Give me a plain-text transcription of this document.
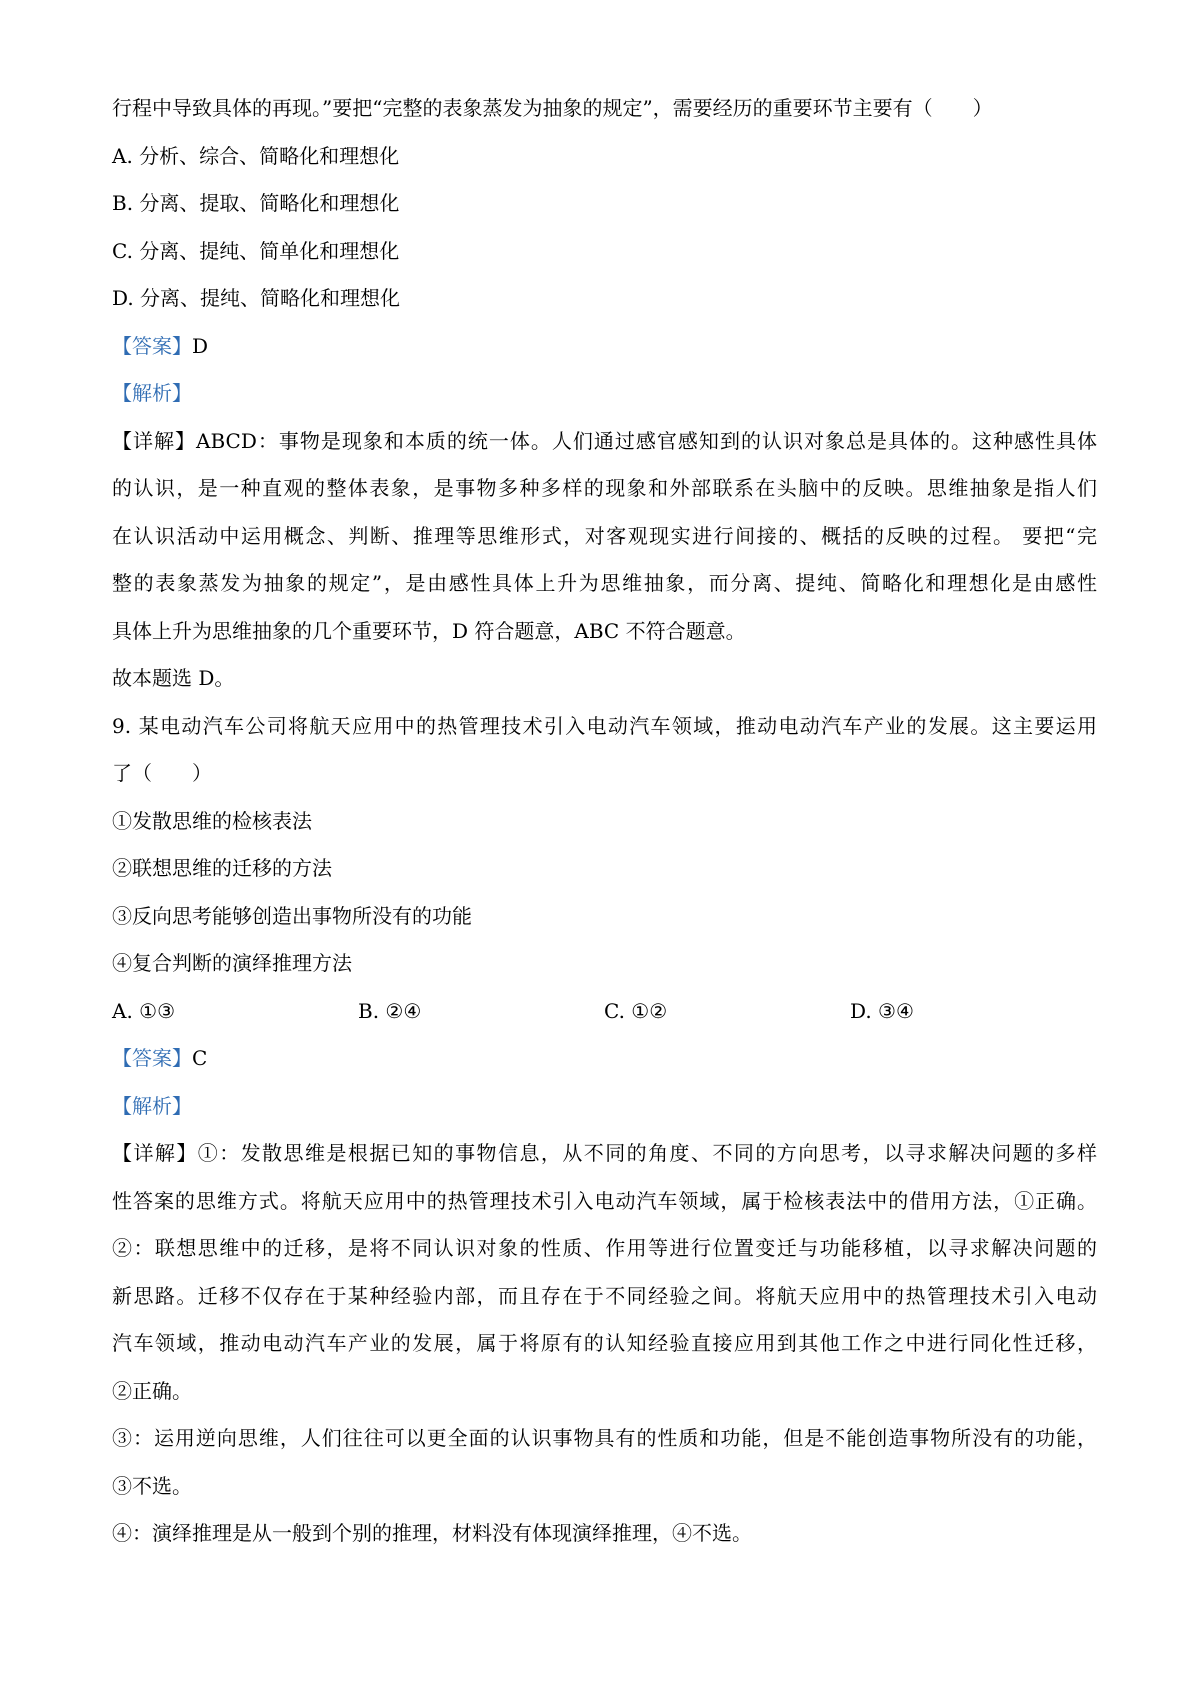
行程中导致具体的再现。”要把“完整的表象蒸发为抽象的规定”，需要经历的重要环节主要有（　　）
A. 分析、综合、简略化和理想化
B. 分离、提取、简略化和理想化
C. 分离、提纯、简单化和理想化
D. 分离、提纯、简略化和理想化
【答案】D
【解析】
【详解】ABCD：事物是现象和本质的统一体。人们通过感官感知到的认识对象总是具体的。这种感性具体
的认识，是一种直观的整体表象，是事物多种多样的现象和外部联系在头脑中的反映。思维抽象是指人们
在认识活动中运用概念、判断、推理等思维形式，对客观现实进行间接的、概括的反映的过程。 要把“完
整的表象蒸发为抽象的规定”，是由感性具体上升为思维抽象，而分离、提纯、简略化和理想化是由感性
具体上升为思维抽象的几个重要环节，D 符合题意，ABC 不符合题意。
故本题选 D。
9. 某电动汽车公司将航天应用中的热管理技术引入电动汽车领域，推动电动汽车产业的发展。这主要运用
了（　　）
①发散思维的检核表法
②联想思维的迁移的方法
③反向思考能够创造出事物所没有的功能
④复合判断的演绎推理方法
A. ①③	B. ②④	C. ①②	D. ③④
【答案】C
【解析】
【详解】①：发散思维是根据已知的事物信息，从不同的角度、不同的方向思考，以寻求解决问题的多样
性答案的思维方式。将航天应用中的热管理技术引入电动汽车领域，属于检核表法中的借用方法，①正确。
②：联想思维中的迁移，是将不同认识对象的性质、作用等进行位置变迁与功能移植，以寻求解决问题的
新思路。迁移不仅存在于某种经验内部，而且存在于不同经验之间。将航天应用中的热管理技术引入电动
汽车领域，推动电动汽车产业的发展，属于将原有的认知经验直接应用到其他工作之中进行同化性迁移，
②正确。
③：运用逆向思维，人们往往可以更全面的认识事物具有的性质和功能，但是不能创造事物所没有的功能，
③不选。
④：演绎推理是从一般到个别的推理，材料没有体现演绎推理，④不选。
